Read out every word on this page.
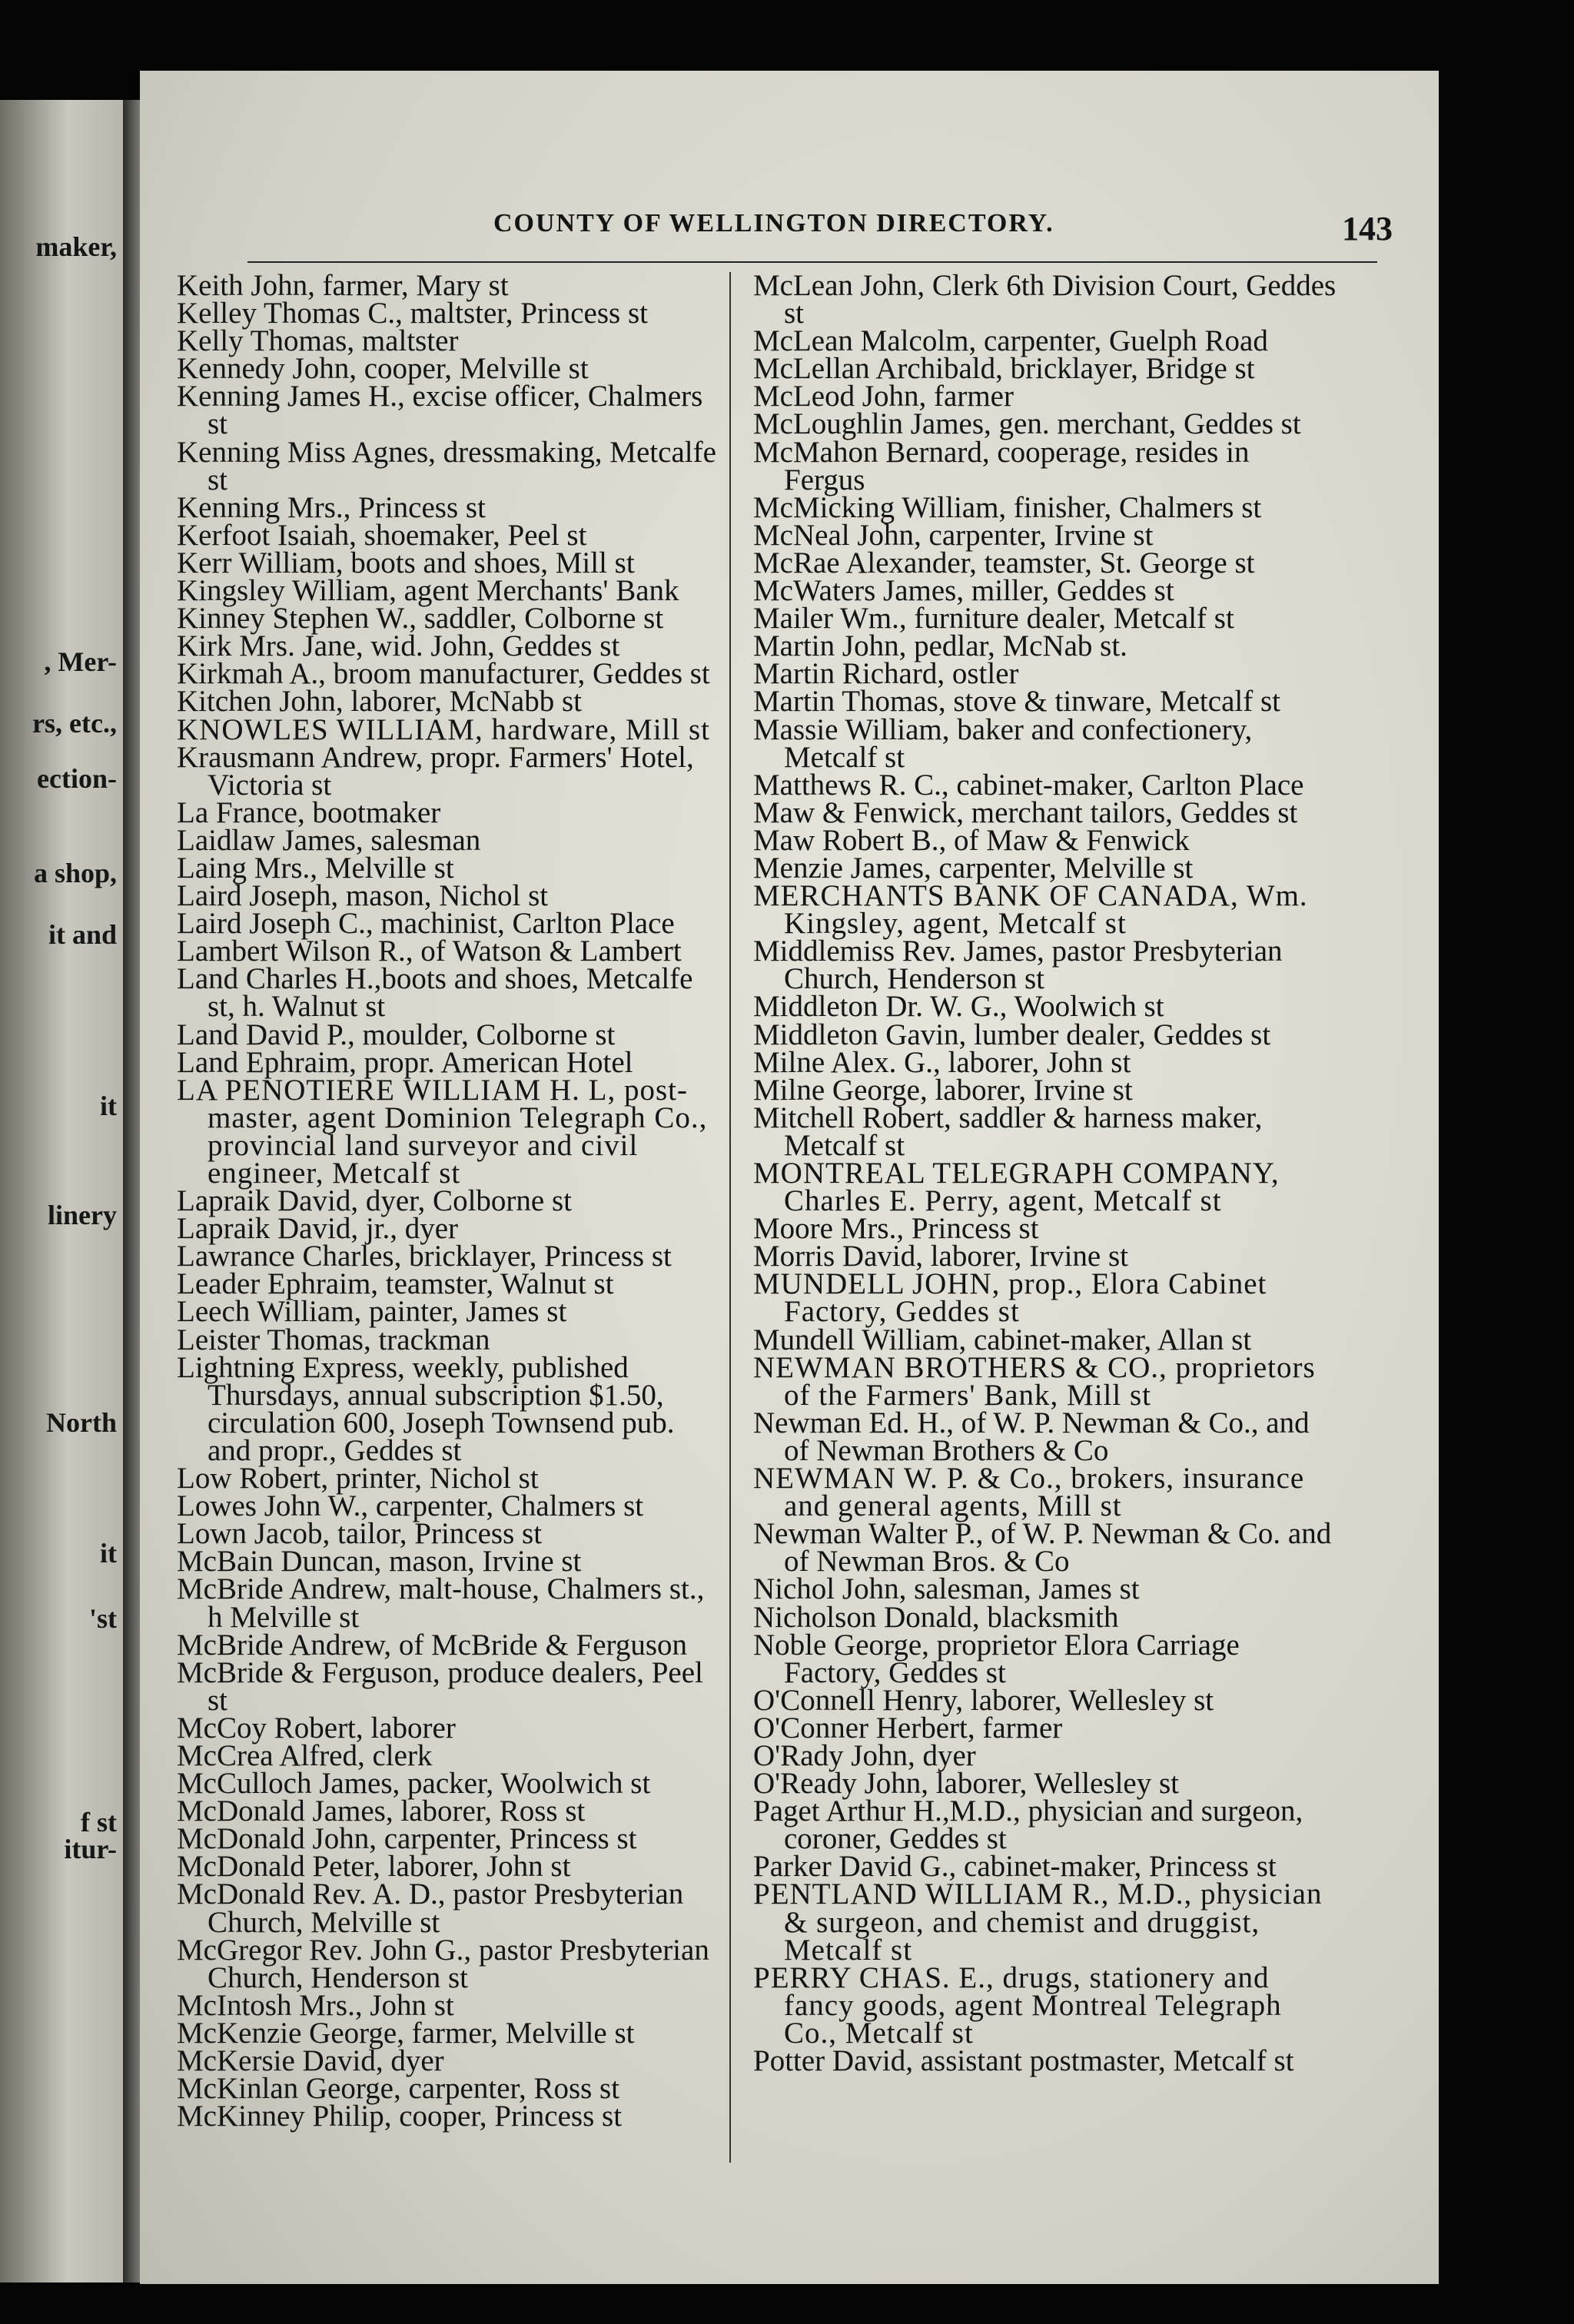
maker,
, Mer-
rs, etc.,
ection-
a shop,
it and
it
linery
North
it
'st
f st
itur-
COUNTY OF WELLINGTON DIRECTORY.	143

Keith John, farmer, Mary st

Kelley Thomas C., maltster, Princess st

Kelly Thomas, maltster

Kennedy John, cooper, Melville st

Kenning James H., excise officer, Chalmers st

Kenning Miss Agnes, dressmaking, Metcalfe st

Kenning Mrs., Princess st

Kerfoot Isaiah, shoemaker, Peel st

Kerr William, boots and shoes, Mill st

Kingsley William, agent Merchants' Bank

Kinney Stephen W., saddler, Colborne st

Kirk Mrs. Jane, wid. John, Geddes st

Kirkmah A., broom manufacturer, Geddes st

Kitchen John, laborer, McNabb st

KNOWLES WILLIAM, hardware, Mill st

Krausmann Andrew, propr. Farmers' Hotel, Victoria st

La France, bootmaker

Laidlaw James, salesman

Laing Mrs., Melville st

Laird Joseph, mason, Nichol st

Laird Joseph C., machinist, Carlton Place

Lambert Wilson R., of Watson & Lambert

Land Charles H.,boots and shoes, Metcalfe st, h. Walnut st

Land David P., moulder, Colborne st

Land Ephraim, propr. American Hotel

LA PENOTIERE WILLIAM H. L, post-master, agent Dominion Telegraph Co., provincial land surveyor and civil engineer, Metcalf st

Lapraik David, dyer, Colborne st

Lapraik David, jr., dyer

Lawrance Charles, bricklayer, Princess st

Leader Ephraim, teamster, Walnut st

Leech William, painter, James st

Leister Thomas, trackman

Lightning Express, weekly, published Thursdays, annual subscription $1.50, circulation 600, Joseph Townsend pub. and propr., Geddes st

Low Robert, printer, Nichol st

Lowes John W., carpenter, Chalmers st

Lown Jacob, tailor, Princess st

McBain Duncan, mason, Irvine st

McBride Andrew, malt-house, Chalmers st., h Melville st

McBride Andrew, of McBride & Ferguson

McBride & Ferguson, produce dealers, Peel st

McCoy Robert, laborer

McCrea Alfred, clerk

McCulloch James, packer, Woolwich st

McDonald James, laborer, Ross st

McDonald John, carpenter, Princess st

McDonald Peter, laborer, John st

McDonald Rev. A. D., pastor Presbyterian Church, Melville st

McGregor Rev. John G., pastor Presbyterian Church, Henderson st

McIntosh Mrs., John st

McKenzie George, farmer, Melville st

McKersie David, dyer

McKinlan George, carpenter, Ross st

McKinney Philip, cooper, Princess st

McLean John, Clerk 6th Division Court, Geddes st

McLean Malcolm, carpenter, Guelph Road

McLellan Archibald, bricklayer, Bridge st

McLeod John, farmer

McLoughlin James, gen. merchant, Geddes st

McMahon Bernard, cooperage, resides in Fergus

McMicking William, finisher, Chalmers st

McNeal John, carpenter, Irvine st

McRae Alexander, teamster, St. George st

McWaters James, miller, Geddes st

Mailer Wm., furniture dealer, Metcalf st

Martin John, pedlar, McNab st.

Martin Richard, ostler

Martin Thomas, stove & tinware, Metcalf st

Massie William, baker and confectionery, Metcalf st

Matthews R. C., cabinet-maker, Carlton Place

Maw & Fenwick, merchant tailors, Geddes st

Maw Robert B., of Maw & Fenwick

Menzie James, carpenter, Melville st

MERCHANTS BANK OF CANADA, Wm. Kingsley, agent, Metcalf st

Middlemiss Rev. James, pastor Presbyterian Church, Henderson st

Middleton Dr. W. G., Woolwich st

Middleton Gavin, lumber dealer, Geddes st

Milne Alex. G., laborer, John st

Milne George, laborer, Irvine st

Mitchell Robert, saddler & harness maker, Metcalf st

MONTREAL TELEGRAPH COMPANY, Charles E. Perry, agent, Metcalf st

Moore Mrs., Princess st

Morris David, laborer, Irvine st

MUNDELL JOHN, prop., Elora Cabinet Factory, Geddes st

Mundell William, cabinet-maker, Allan st

NEWMAN BROTHERS & CO., proprietors of the Farmers' Bank, Mill st

Newman Ed. H., of W. P. Newman & Co., and of Newman Brothers & Co

NEWMAN W. P. & Co., brokers, insurance and general agents, Mill st

Newman Walter P., of W. P. Newman & Co. and of Newman Bros. & Co

Nichol John, salesman, James st

Nicholson Donald, blacksmith

Noble George, proprietor Elora Carriage Factory, Geddes st

O'Connell Henry, laborer, Wellesley st

O'Conner Herbert, farmer

O'Rady John, dyer

O'Ready John, laborer, Wellesley st

Paget Arthur H.,M.D., physician and surgeon, coroner, Geddes st

Parker David G., cabinet-maker, Princess st

PENTLAND WILLIAM R., M.D., physician & surgeon, and chemist and druggist, Metcalf st

PERRY CHAS. E., drugs, stationery and fancy goods, agent Montreal Telegraph Co., Metcalf st

Potter David, assistant postmaster, Metcalf st
